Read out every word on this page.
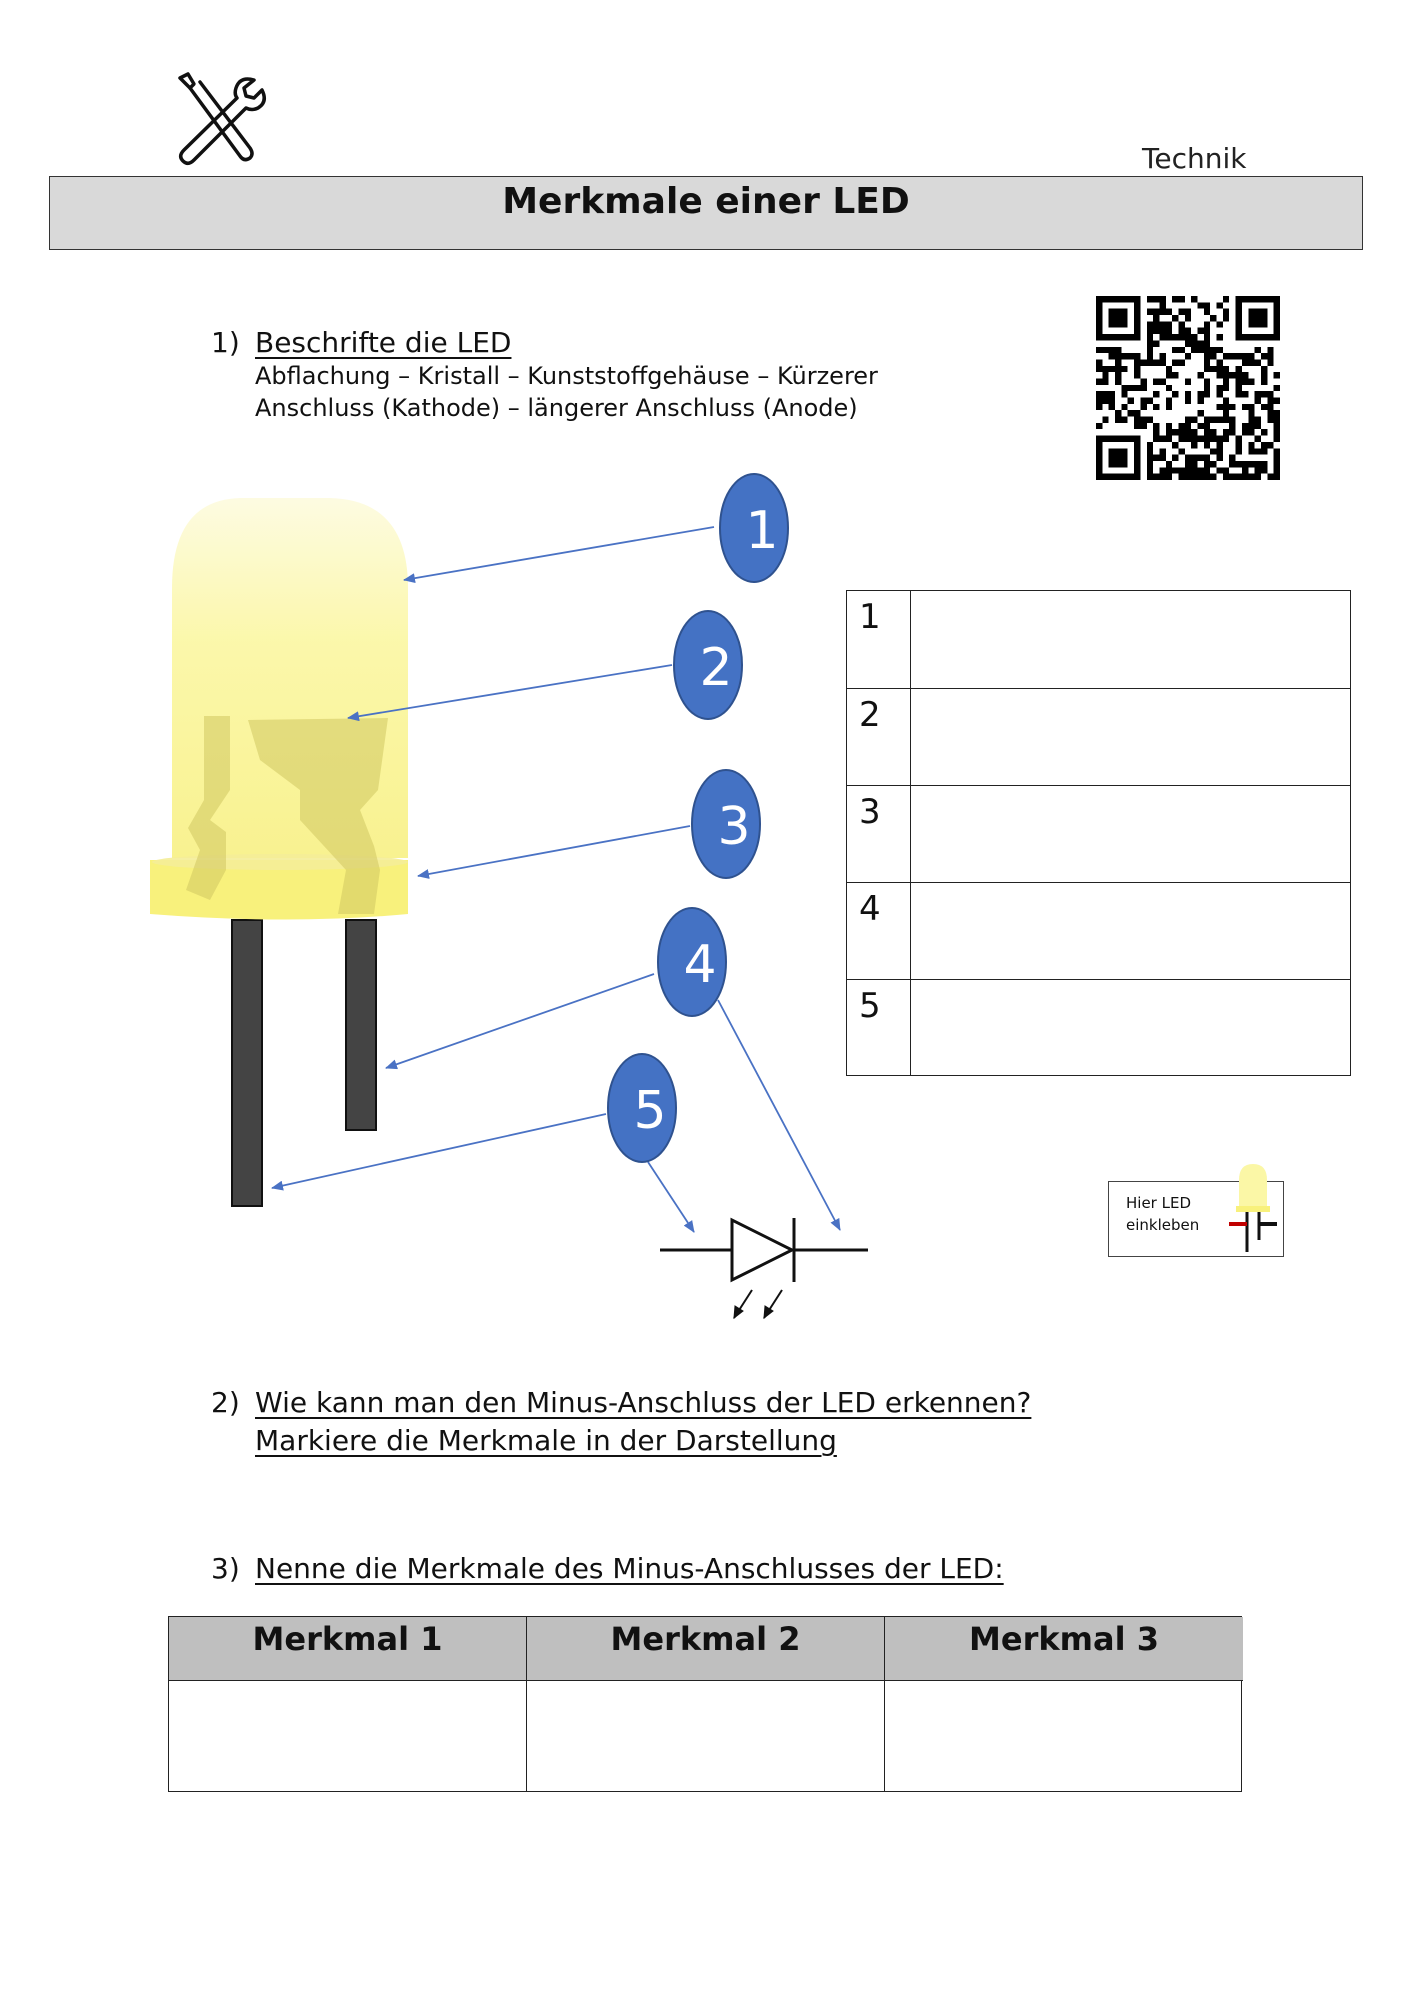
Technik
Merkmale einer LED
1) Beschrifte die LED
Abflachung – Kristall – Kunststoffgehäuse – Kürzerer
Anschluss (Kathode) – längerer Anschluss (Anode)
1
2
3
4
5
1
2
3
4
5
Hier LED
einkleben
2) Wie kann man den Minus-Anschluss der LED erkennen?
Markiere die Merkmale in der Darstellung
3) Nenne die Merkmale des Minus-Anschlusses der LED:
Merkmal 1	Merkmal 2	Merkmal 3
